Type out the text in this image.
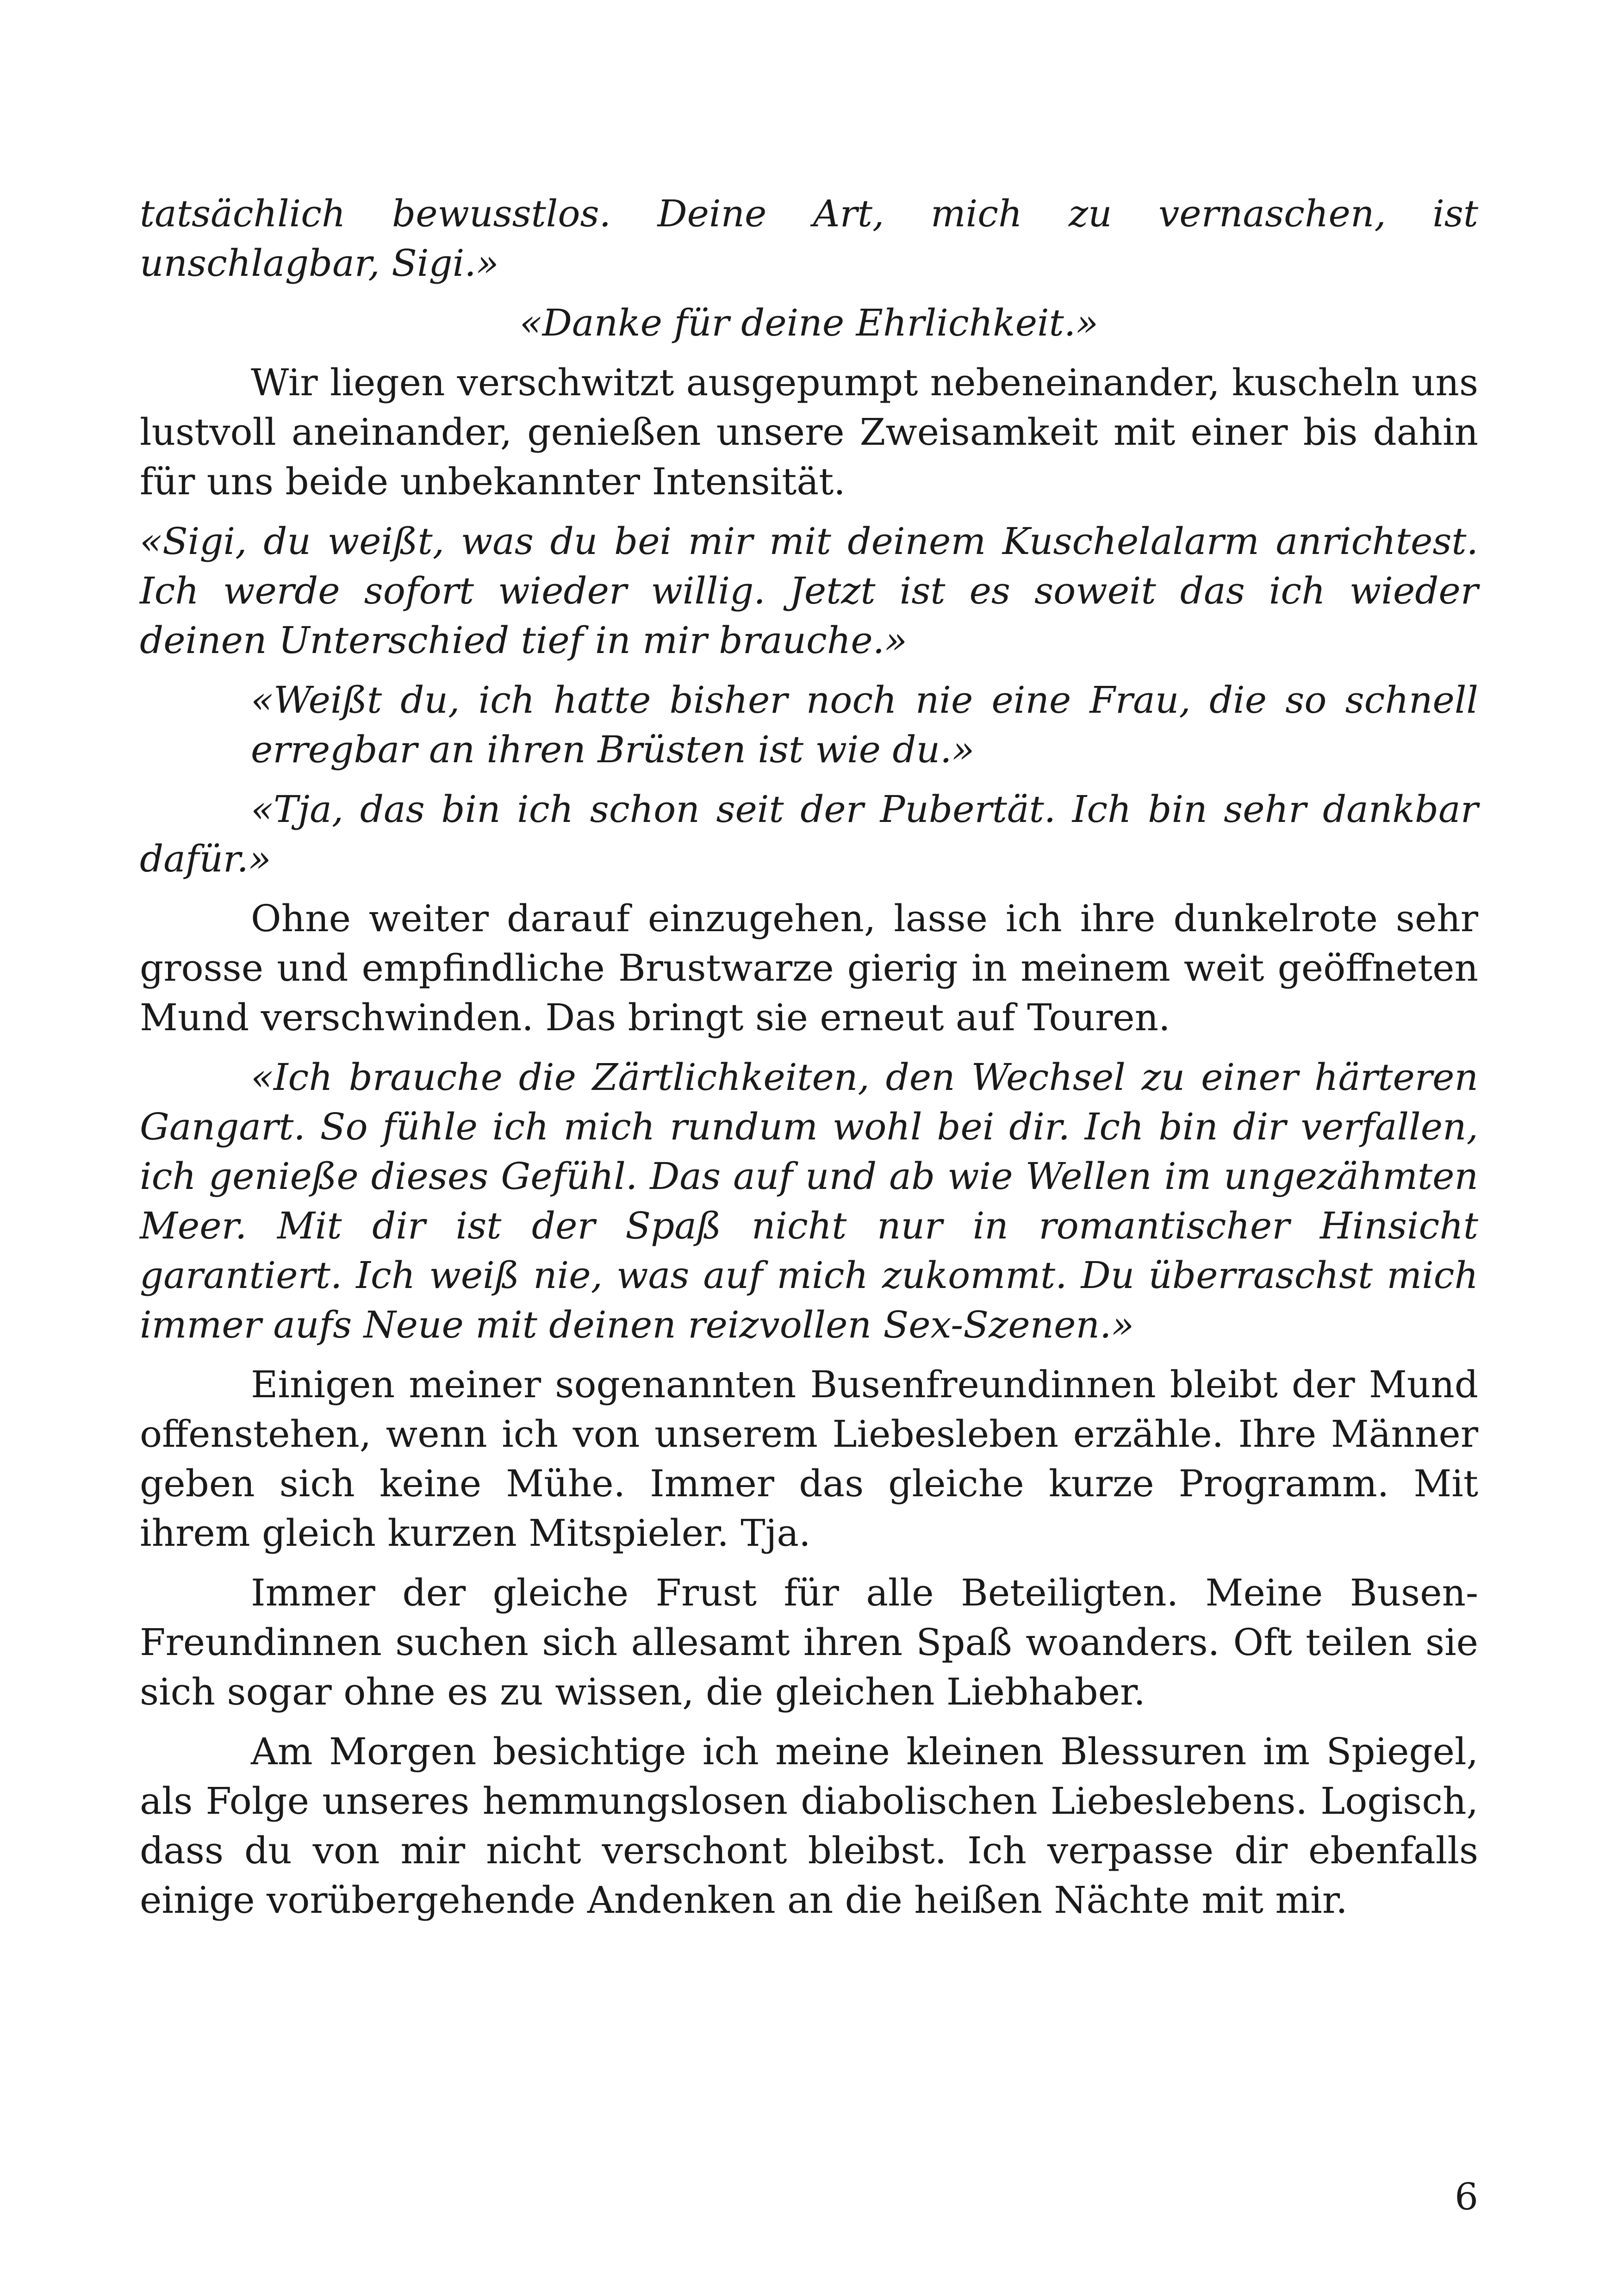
tatsächlich bewusstlos. Deine Art, mich zu vernaschen, ist unschlagbar, Sigi.»

«Danke für deine Ehrlichkeit.»

Wir liegen verschwitzt ausgepumpt nebeneinander, kuscheln uns lustvoll aneinander, genießen unsere Zweisamkeit mit einer bis dahin für uns beide unbekannter Intensität.

«Sigi, du weißt, was du bei mir mit deinem Kuschelalarm anrichtest. Ich werde sofort wieder willig. Jetzt ist es soweit das ich wieder deinen Unterschied tief in mir brauche.»

«Weißt du, ich hatte bisher noch nie eine Frau, die so schnell erregbar an ihren Brüsten ist wie du.»

«Tja, das bin ich schon seit der Pubertät. Ich bin sehr dankbar dafür.»

Ohne weiter darauf einzugehen, lasse ich ihre dunkelrote sehr grosse und empfindliche Brustwarze gierig in meinem weit geöffneten Mund verschwinden. Das bringt sie erneut auf Touren.

«Ich brauche die Zärtlichkeiten, den Wechsel zu einer härteren Gangart. So fühle ich mich rundum wohl bei dir. Ich bin dir verfallen, ich genieße dieses Gefühl. Das auf und ab wie Wellen im ungezähmten Meer. Mit dir ist der Spaß nicht nur in romantischer Hinsicht garantiert. Ich weiß nie, was auf mich zukommt. Du überraschst mich immer aufs Neue mit deinen reizvollen Sex-Szenen.»

Einigen meiner sogenannten Busenfreundinnen bleibt der Mund offenstehen, wenn ich von unserem Liebesleben erzähle. Ihre Männer geben sich keine Mühe. Immer das gleiche kurze Programm. Mit ihrem gleich kurzen Mitspieler. Tja.

Immer der gleiche Frust für alle Beteiligten. Meine Busen-Freundinnen suchen sich allesamt ihren Spaß woanders. Oft teilen sie sich sogar ohne es zu wissen, die gleichen Liebhaber.

Am Morgen besichtige ich meine kleinen Blessuren im Spiegel, als Folge unseres hemmungslosen diabolischen Liebeslebens. Logisch, dass du von mir nicht verschont bleibst. Ich verpasse dir ebenfalls einige vorübergehende Andenken an die heißen Nächte mit mir.

6
